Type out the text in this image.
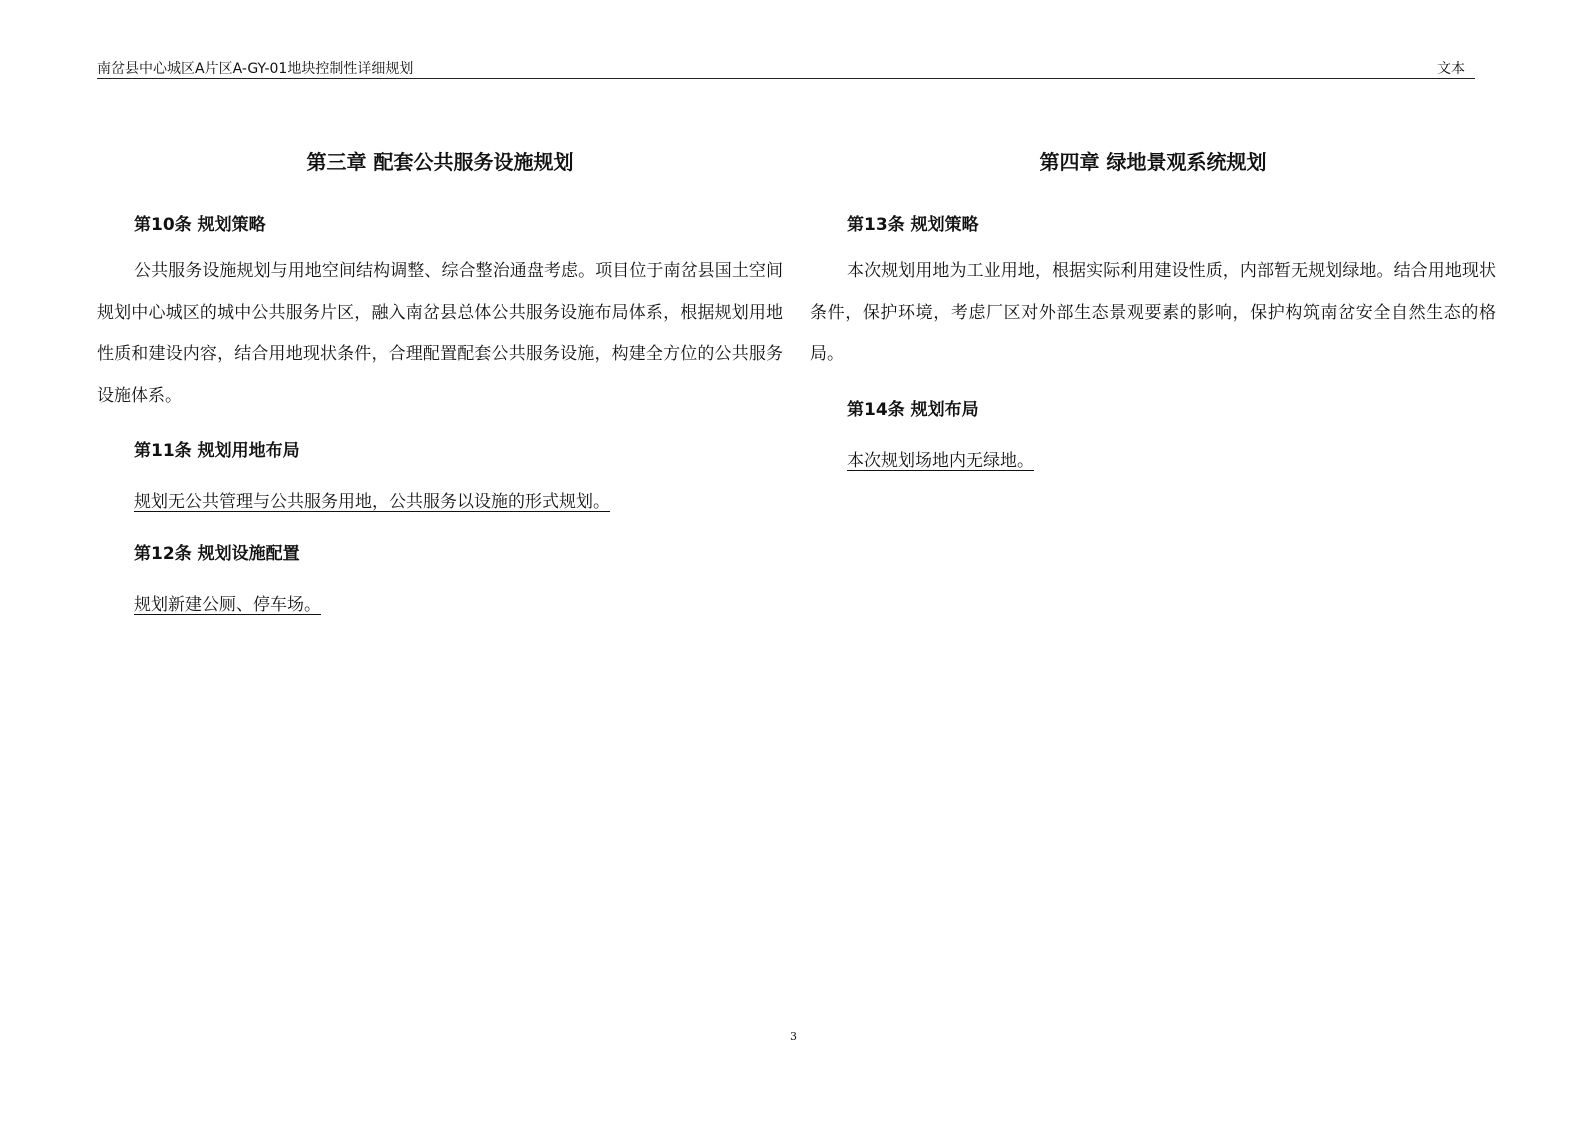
南岔县中心城区A片区A-GY-01地块控制性详细规划	文本
第三章 配套公共服务设施规划
第10条 规划策略

公共服务设施规划与用地空间结构调整、综合整治通盘考虑。项目位于南岔县国土空间规划中心城区的城中公共服务片区，融入南岔县总体公共服务设施布局体系，根据规划用地性质和建设内容，结合用地现状条件，合理配置配套公共服务设施，构建全方位的公共服务设施体系。

第11条 规划用地布局
规划无公共管理与公共服务用地，公共服务以设施的形式规划。
第12条 规划设施配置
规划新建公厕、停车场。
第四章 绿地景观系统规划
第13条 规划策略

本次规划用地为工业用地，根据实际利用建设性质，内部暂无规划绿地。结合用地现状条件，保护环境，考虑厂区对外部生态景观要素的影响，保护构筑南岔安全自然生态的格局。

第14条 规划布局
本次规划场地内无绿地。
3
